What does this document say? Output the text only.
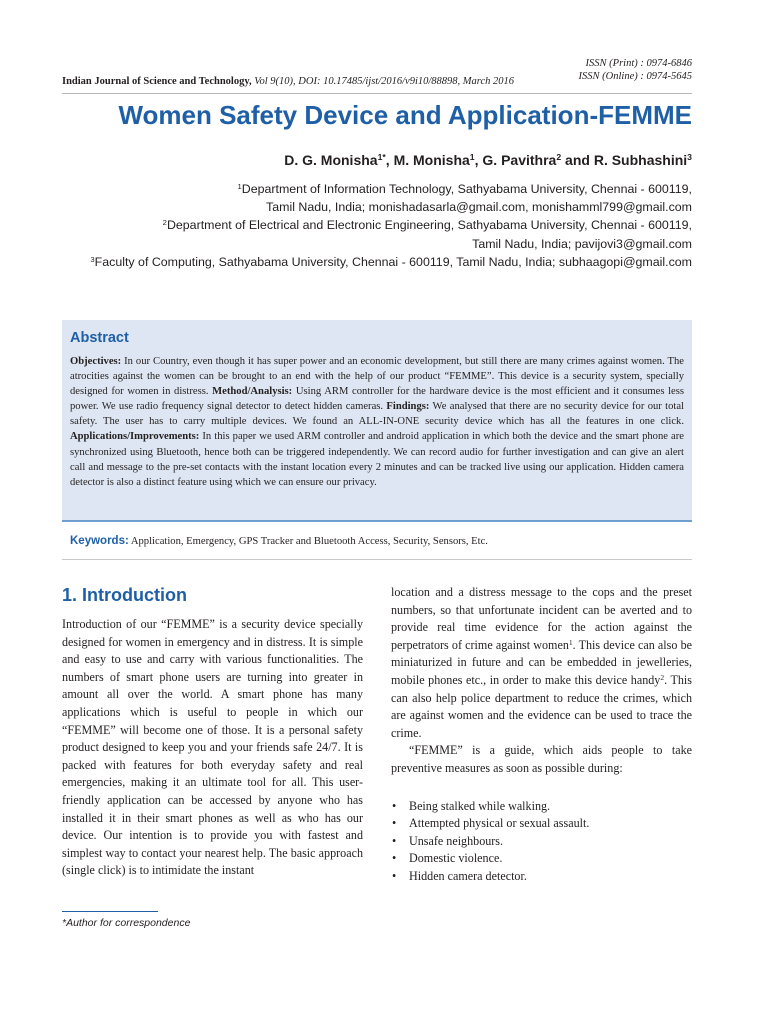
Indian Journal of Science and Technology, Vol 9(10), DOI: 10.17485/ijst/2016/v9i10/88898, March 2016
ISSN (Print) : 0974-6846
ISSN (Online) : 0974-5645
Women Safety Device and Application-FEMME
D. G. Monisha$^{1*}$, M. Monisha$^1$, G. Pavithra$^2$ and R. Subhashini$^3$
$^1$Department of Information Technology, Sathyabama University, Chennai - 600119,
Tamil Nadu, India; monishadasarla@gmail.com, monishamml799@gmail.com
$^2$Department of Electrical and Electronic Engineering, Sathyabama University, Chennai - 600119,
Tamil Nadu, India; pavijovi3@gmail.com
$^3$Faculty of Computing, Sathyabama University, Chennai - 600119, Tamil Nadu, India; subhaagopi@gmail.com
Abstract
Objectives: In our Country, even though it has super power and an economic development, but still there are many crimes against women. The atrocities against the women can be brought to an end with the help of our product “FEMME”. This device is a security system, specially designed for women in distress. Method/Analysis: Using ARM controller for the hardware device is the most efficient and it consumes less power. We use radio frequency signal detector to detect hidden cameras. Findings: We analysed that there are no security device for our total safety. The user has to carry multiple devices. We found an ALL-IN-ONE security device which has all the features in one click. Applications/Improvements: In this paper we used ARM controller and android application in which both the device and the smart phone are synchronized using Bluetooth, hence both can be triggered independently. We can record audio for further investigation and can give an alert call and message to the pre-set contacts with the instant location every 2 minutes and can be tracked live using our application. Hidden camera detector is also a distinct feature using which we can ensure our privacy.
Keywords: Application, Emergency, GPS Tracker and Bluetooth Access, Security, Sensors, Etc.
1. Introduction
Introduction of our “FEMME” is a security device specially designed for women in emergency and in distress. It is simple and easy to use and carry with various functionalities. The numbers of smart phone users are turning into greater in amount all over the world. A smart phone has many applications which is useful to people in which our “FEMME” will become one of those. It is a personal safety product designed to keep you and your friends safe 24/7. It is packed with features for both everyday safety and real emergencies, making it an ultimate tool for all. This user-friendly application can be accessed by anyone who has installed it in their smart phones as well as who has our device. Our intention is to provide you with fastest and simplest way to contact your nearest help. The basic approach (single click) is to intimidate the instant

location and a distress message to the cops and the preset numbers, so that unfortunate incident can be averted and to provide real time evidence for the action against the perpetrators of crime against women$^1$. This device can also be miniaturized in future and can be embedded in jewelleries, mobile phones etc., in order to make this device handy$^2$. This can also help police department to reduce the crimes, which are against women and the evidence can be used to trace the crime.

“FEMME” is a guide, which aids people to take preventive measures as soon as possible during:

• Being stalked while walking.
• Attempted physical or sexual assault.
• Unsafe neighbours.
• Domestic violence.
• Hidden camera detector.
*Author for correspondence
